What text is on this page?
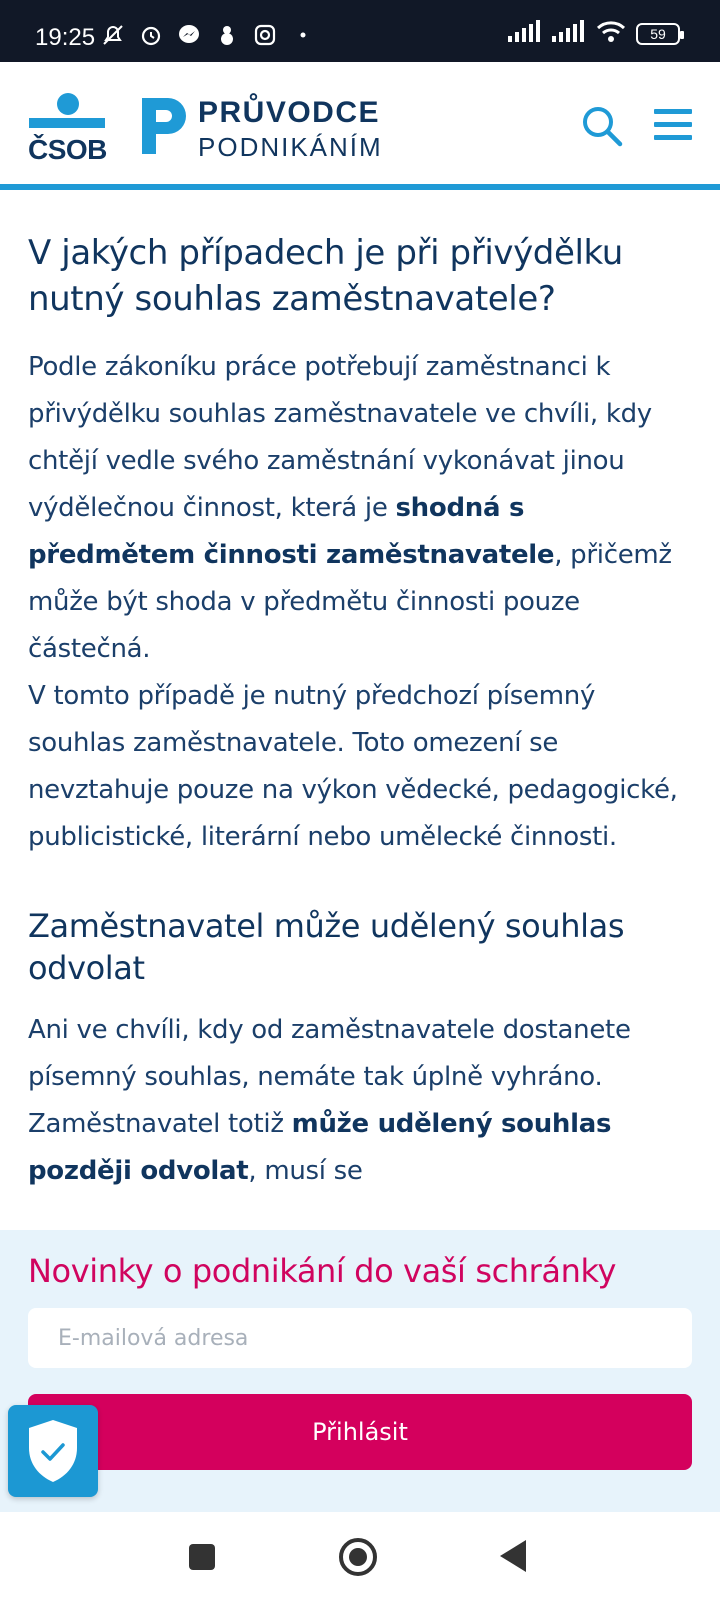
19:25	59
ČSOB
PRŮVODCE
PODNIKÁNÍM
V jakých případech je při přivýdělku nutný souhlas zaměstnavatele?

Podle zákoníku práce potřebují zaměstnanci k přivýdělku souhlas zaměstnavatele ve chvíli, kdy chtějí vedle svého zaměstnání vykonávat jinou výdělečnou činnost, která je shodná s předmětem činnosti zaměstnavatele, přičemž může být shoda v předmětu činnosti pouze částečná.

V tomto případě je nutný předchozí písemný souhlas zaměstnavatele. Toto omezení se nevztahuje pouze na výkon vědecké, pedagogické, publicistické, literární nebo umělecké činnosti.

Zaměstnavatel může udělený souhlas odvolat

Ani ve chvíli, kdy od zaměstnavatele dostanete písemný souhlas, nemáte tak úplně vyhráno. Zaměstnavatel totiž může udělený souhlas později odvolat, musí se

Novinky o podnikání do vaší schránky
E-mailová adresa
Přihlásit
